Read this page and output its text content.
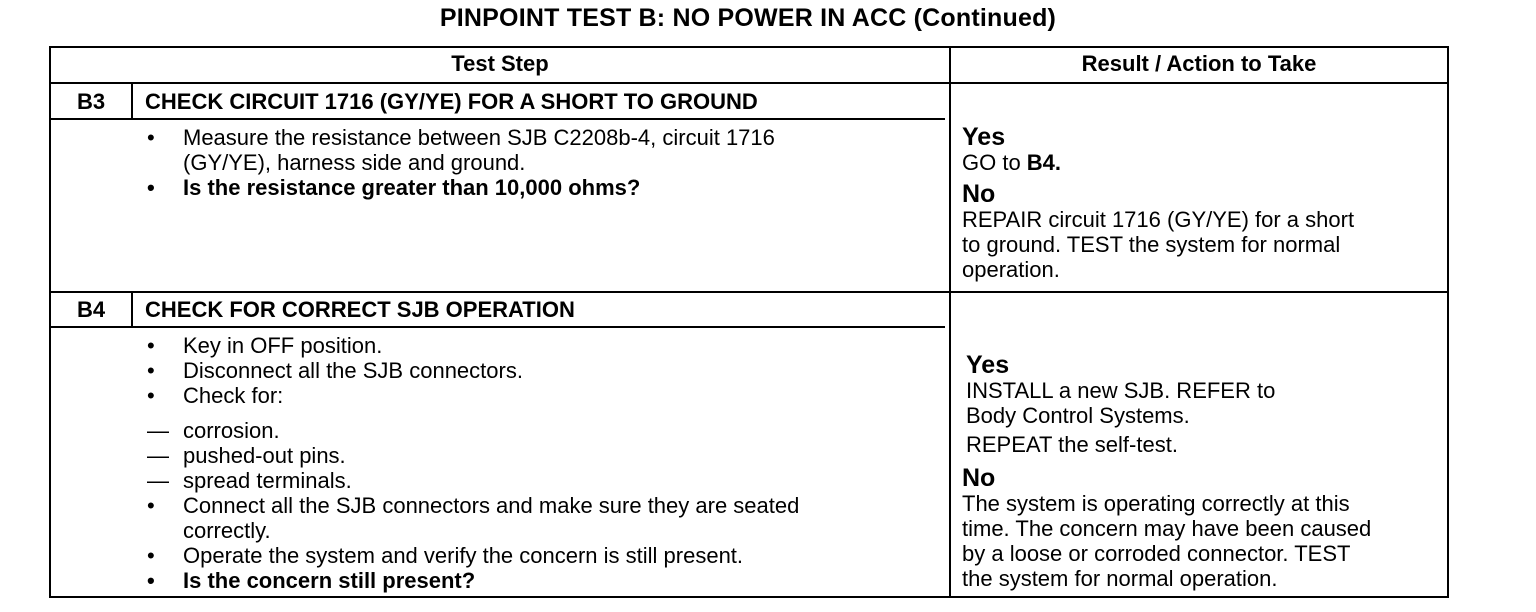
PINPOINT TEST B: NO POWER IN ACC (Continued)
Test Step	Result / Action to Take
B3	CHECK CIRCUIT 1716 (GY/YE) FOR A SHORT TO GROUND
• Measure the resistance between SJB C2208b-4, circuit 1716
(GY/YE), harness side and ground.
• Is the resistance greater than 10,000 ohms?
Yes
GO to B4.
No
REPAIR circuit 1716 (GY/YE) for a short
to ground. TEST the system for normal
operation.
B4	CHECK FOR CORRECT SJB OPERATION
• Key in OFF position.
• Disconnect all the SJB connectors.
• Check for:
— corrosion.
— pushed-out pins.
— spread terminals.
• Connect all the SJB connectors and make sure they are seated
correctly.
• Operate the system and verify the concern is still present.
• Is the concern still present?
Yes
INSTALL a new SJB. REFER to
Body Control Systems.
REPEAT the self-test.
No
The system is operating correctly at this
time. The concern may have been caused
by a loose or corroded connector. TEST
the system for normal operation.
